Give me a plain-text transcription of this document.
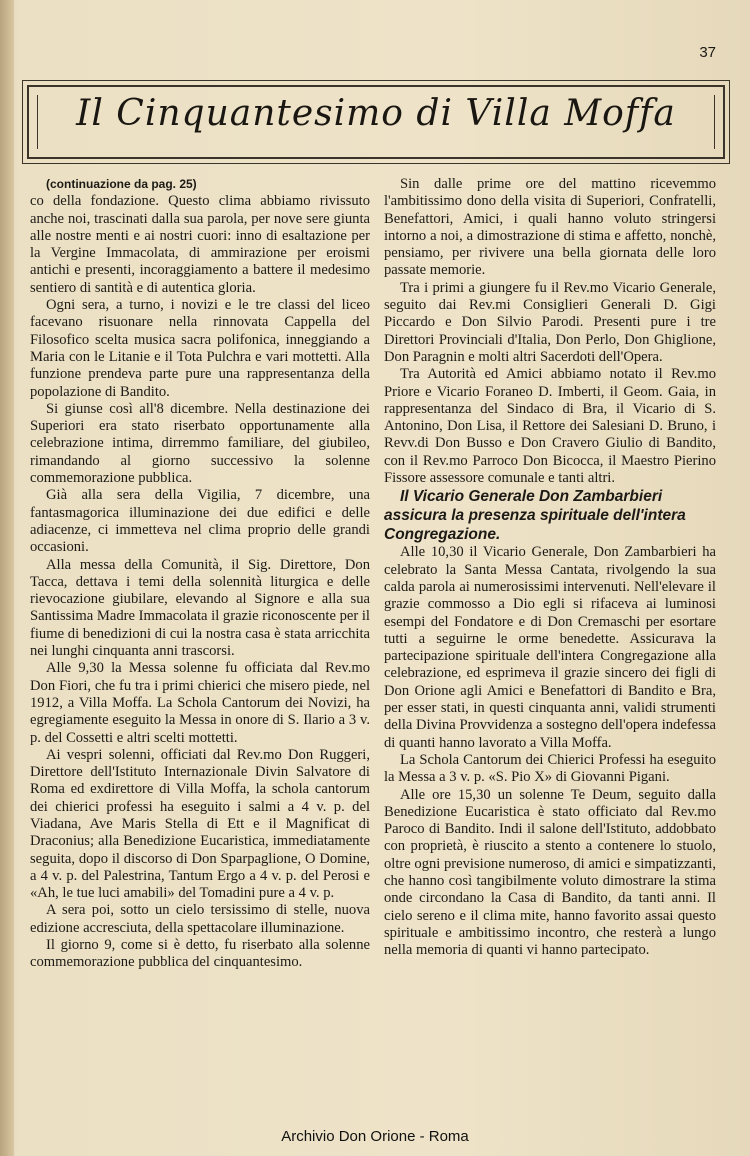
37
Il Cinquantesimo di Villa Moffa

(continuazione da pag. 25)

co della fondazione. Questo clima abbiamo rivissuto anche noi, trascinati dalla sua parola, per nove sere giunta alle nostre menti e ai nostri cuori: inno di esaltazione per la Vergine Immacolata, di ammirazione per eroismi antichi e presenti, incoraggiamento a battere il medesimo sentiero di santità e di autentica gloria.

Ogni sera, a turno, i novizi e le tre classi del liceo facevano risuonare nella rinnovata Cappella del Filosofico scelta musica sacra polifonica, inneggiando a Maria con le Litanie e il Tota Pulchra e vari mottetti. Alla funzione prendeva parte pure una rappresentanza della popolazione di Bandito.

Si giunse così all'8 dicembre. Nella destinazione dei Superiori era stato riserbato opportunamente alla celebrazione intima, dirremmo familiare, del giubileo, rimandando al giorno successivo la solenne commemorazione pubblica.

Già alla sera della Vigilia, 7 dicembre, una fantasmagorica illuminazione dei due edifici e delle adiacenze, ci immetteva nel clima proprio delle grandi occasioni.

Alla messa della Comunità, il Sig. Direttore, Don Tacca, dettava i temi della solennità liturgica e delle rievocazione giubilare, elevando al Signore e alla sua Santissima Madre Immacolata il grazie riconoscente per il fiume di benedizioni di cui la nostra casa è stata arricchita nei lunghi cinquanta anni trascorsi.

Alle 9,30 la Messa solenne fu officiata dal Rev.mo Don Fiori, che fu tra i primi chierici che misero piede, nel 1912, a Villa Moffa. La Schola Cantorum dei Novizi, ha egregiamente eseguito la Messa in onore di S. Ilario a 3 v. p. del Cossetti e altri scelti mottetti.

Ai vespri solenni, officiati dal Rev.mo Don Ruggeri, Direttore dell'Istituto Internazionale Divin Salvatore di Roma ed exdirettore di Villa Moffa, la schola cantorum dei chierici professi ha eseguito i salmi a 4 v. p. del Viadana, Ave Maris Stella di Ett e il Magnificat di Draconius; alla Benedizione Eucaristica, immediatamente seguita, dopo il discorso di Don Sparpaglione, O Domine, a 4 v. p. del Palestrina, Tantum Ergo a 4 v. p. del Perosi e «Ah, le tue luci amabili» del Tomadini pure a 4 v. p.

A sera poi, sotto un cielo tersissimo di stelle, nuova edizione accresciuta, della spettacolare illuminazione.

Il giorno 9, come si è detto, fu riserbato alla solenne commemorazione pubblica del cinquantesimo.

Sin dalle prime ore del mattino ricevemmo l'ambitissimo dono della visita di Superiori, Confratelli, Benefattori, Amici, i quali hanno voluto stringersi intorno a noi, a dimostrazione di stima e affetto, nonchè, pensiamo, per rivivere una bella giornata delle loro passate memorie.

Tra i primi a giungere fu il Rev.mo Vicario Generale, seguito dai Rev.mi Consiglieri Generali D. Gigi Piccardo e Don Silvio Parodi. Presenti pure i tre Direttori Provinciali d'Italia, Don Perlo, Don Ghiglione, Don Paragnin e molti altri Sacerdoti dell'Opera.

Tra Autorità ed Amici abbiamo notato il Rev.mo Priore e Vicario Foraneo D. Imberti, il Geom. Gaia, in rappresentanza del Sindaco di Bra, il Vicario di S. Antonino, Don Lisa, il Rettore dei Salesiani D. Bruno, i Revv.di Don Busso e Don Cravero Giulio di Bandito, con il Rev.mo Parroco Don Bicocca, il Maestro Pierino Fissore assessore comunale e tanti altri.

Il Vicario Generale Don Zambarbieri assicura la presenza spirituale dell'intera Congregazione.

Alle 10,30 il Vicario Generale, Don Zambarbieri ha celebrato la Santa Messa Cantata, rivolgendo la sua calda parola ai numerosissimi intervenuti. Nell'elevare il grazie commosso a Dio egli si rifaceva ai luminosi esempi del Fondatore e di Don Cremaschi per esortare tutti a seguirne le orme benedette. Assicurava la partecipazione spirituale dell'intera Congregazione alla celebrazione, ed esprimeva il grazie sincero dei figli di Don Orione agli Amici e Benefattori di Bandito e Bra, per esser stati, in questi cinquanta anni, validi strumenti della Divina Provvidenza a sostegno dell'opera indefessa di quanti hanno lavorato a Villa Moffa.

La Schola Cantorum dei Chierici Professi ha eseguito la Messa a 3 v. p. «S. Pio X» di Giovanni Pigani.

Alle ore 15,30 un solenne Te Deum, seguito dalla Benedizione Eucaristica è stato officiato dal Rev.mo Paroco di Bandito. Indi il salone dell'Istituto, addobbato con proprietà, è riuscito a stento a contenere lo stuolo, oltre ogni previsione numeroso, di amici e simpatizzanti, che hanno così tangibilmente voluto dimostrare la stima onde circondano la Casa di Bandito, da tanti anni. Il cielo sereno e il clima mite, hanno favorito assai questo spirituale e ambitissimo incontro, che resterà a lungo nella memoria di quanti vi hanno partecipato.

Archivio Don Orione - Roma
